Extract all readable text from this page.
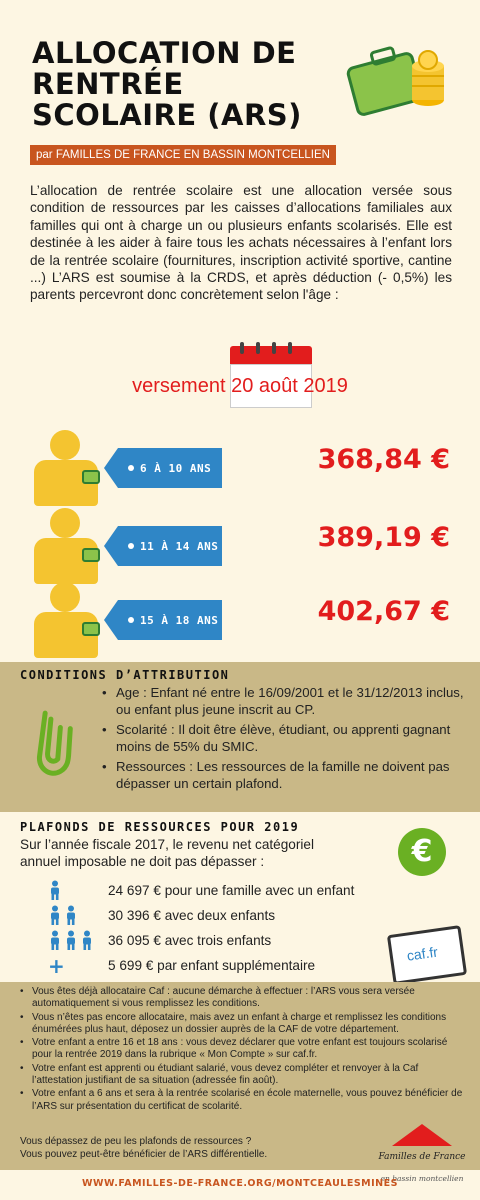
ALLOCATION DE RENTRÉE SCOLAIRE (ARS)
par FAMILLES DE FRANCE EN BASSIN MONTCELLIEN

L’allocation de rentrée scolaire est une allocation versée sous condition de ressources par les caisses d’allocations familiales aux familles qui ont à charge un ou plusieurs enfants scolarisés. Elle est destinée à les aider à faire tous les achats nécessaires à l’enfant lors de la rentrée scolaire (fournitures, inscription activité sportive, cantine ...) L’ARS est soumise à la CRDS, et après déduction (- 0,5%) les parents percevront donc concrètement selon l'âge :

versement 20 août 2019
6 À 10 ANS	368,84 €
11 À 14 ANS	389,19 €
15 À 18 ANS	402,67 €
CONDITIONS D’ATTRIBUTION
• Age : Enfant né entre le 16/09/2001 et le 31/12/2013 inclus, ou enfant plus jeune inscrit au CP.
• Scolarité : Il doit être élève, étudiant, ou apprenti gagnant moins de 55% du SMIC.
• Ressources : Les ressources de la famille ne doivent pas dépasser un certain plafond.
PLAFONDS DE RESSOURCES POUR 2019

Sur l’année fiscale 2017, le revenu net catégoriel annuel imposable ne doit pas dépasser :	€
24 697 € pour une famille avec un enfant
30 396 € avec deux enfants
36 095 € avec trois enfants
+	5 699 € par enfant supplémentaire
caf.fr
• Vous êtes déjà allocataire Caf : aucune démarche à effectuer : l’ARS vous sera versée automatiquement si vous remplissez les conditions.
• Vous n’êtes pas encore allocataire, mais avez un enfant à charge et remplissez les conditions énumérées plus haut, déposez un dossier auprès de la CAF de votre département.
• Votre enfant a entre 16 et 18 ans : vous devez déclarer que votre enfant est toujours scolarisé pour la rentrée 2019 dans la rubrique « Mon Compte » sur caf.fr.
• Votre enfant est apprenti ou étudiant salarié, vous devez compléter et renvoyer à la Caf l’attestation justifiant de sa situation (adressée fin août).
• Votre enfant a 6 ans et sera à la rentrée scolarisé en école maternelle, vous pouvez bénéficier de l’ARS sur présentation du certificat de scolarité.

Vous dépassez de peu les plafonds de ressources ?

Vous pouvez peut-être bénéficier de l’ARS différentielle.	Familles de France
en bassin montcellien
WWW.FAMILLES-DE-FRANCE.ORG/MONTCEAULESMINES
